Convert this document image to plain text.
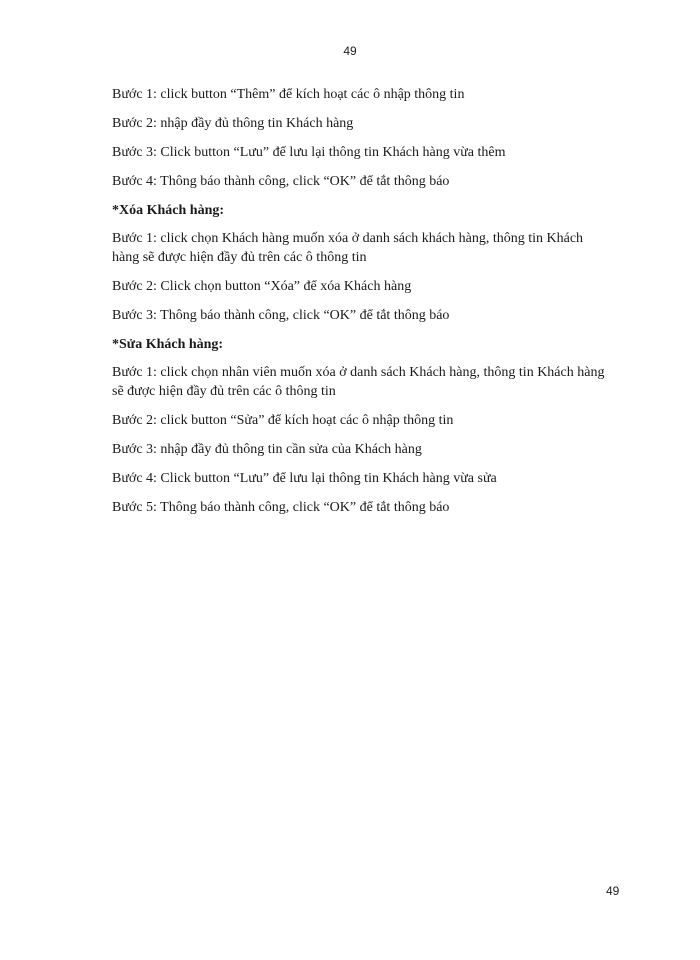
49

Bước 1: click button “Thêm” để kích hoạt các ô nhập thông tin

Bước 2: nhập đầy đủ thông tin Khách hàng

Bước 3: Click button “Lưu” để lưu lại thông tin Khách hàng vừa thêm

Bước 4: Thông báo thành công, click “OK” để tắt thông báo

*Xóa Khách hàng:

Bước 1: click chọn Khách hàng muốn xóa ở danh sách khách hàng, thông tin Khách hàng sẽ được hiện đầy đủ trên các ô thông tin

Bước 2: Click chọn button “Xóa” để xóa Khách hàng

Bước 3: Thông báo thành công, click “OK” để tắt thông báo

*Sửa Khách hàng:

Bước 1: click chọn nhân viên muốn xóa ở danh sách Khách hàng, thông tin Khách hàng sẽ được hiện đầy đủ trên các ô thông tin

Bước 2: click button “Sửa” để kích hoạt các ô nhập thông tin

Bước 3: nhập đầy đủ thông tin cần sửa của Khách hàng

Bước 4: Click button “Lưu” để lưu lại thông tin Khách hàng vừa sửa

Bước 5: Thông báo thành công, click “OK” để tắt thông báo

49
